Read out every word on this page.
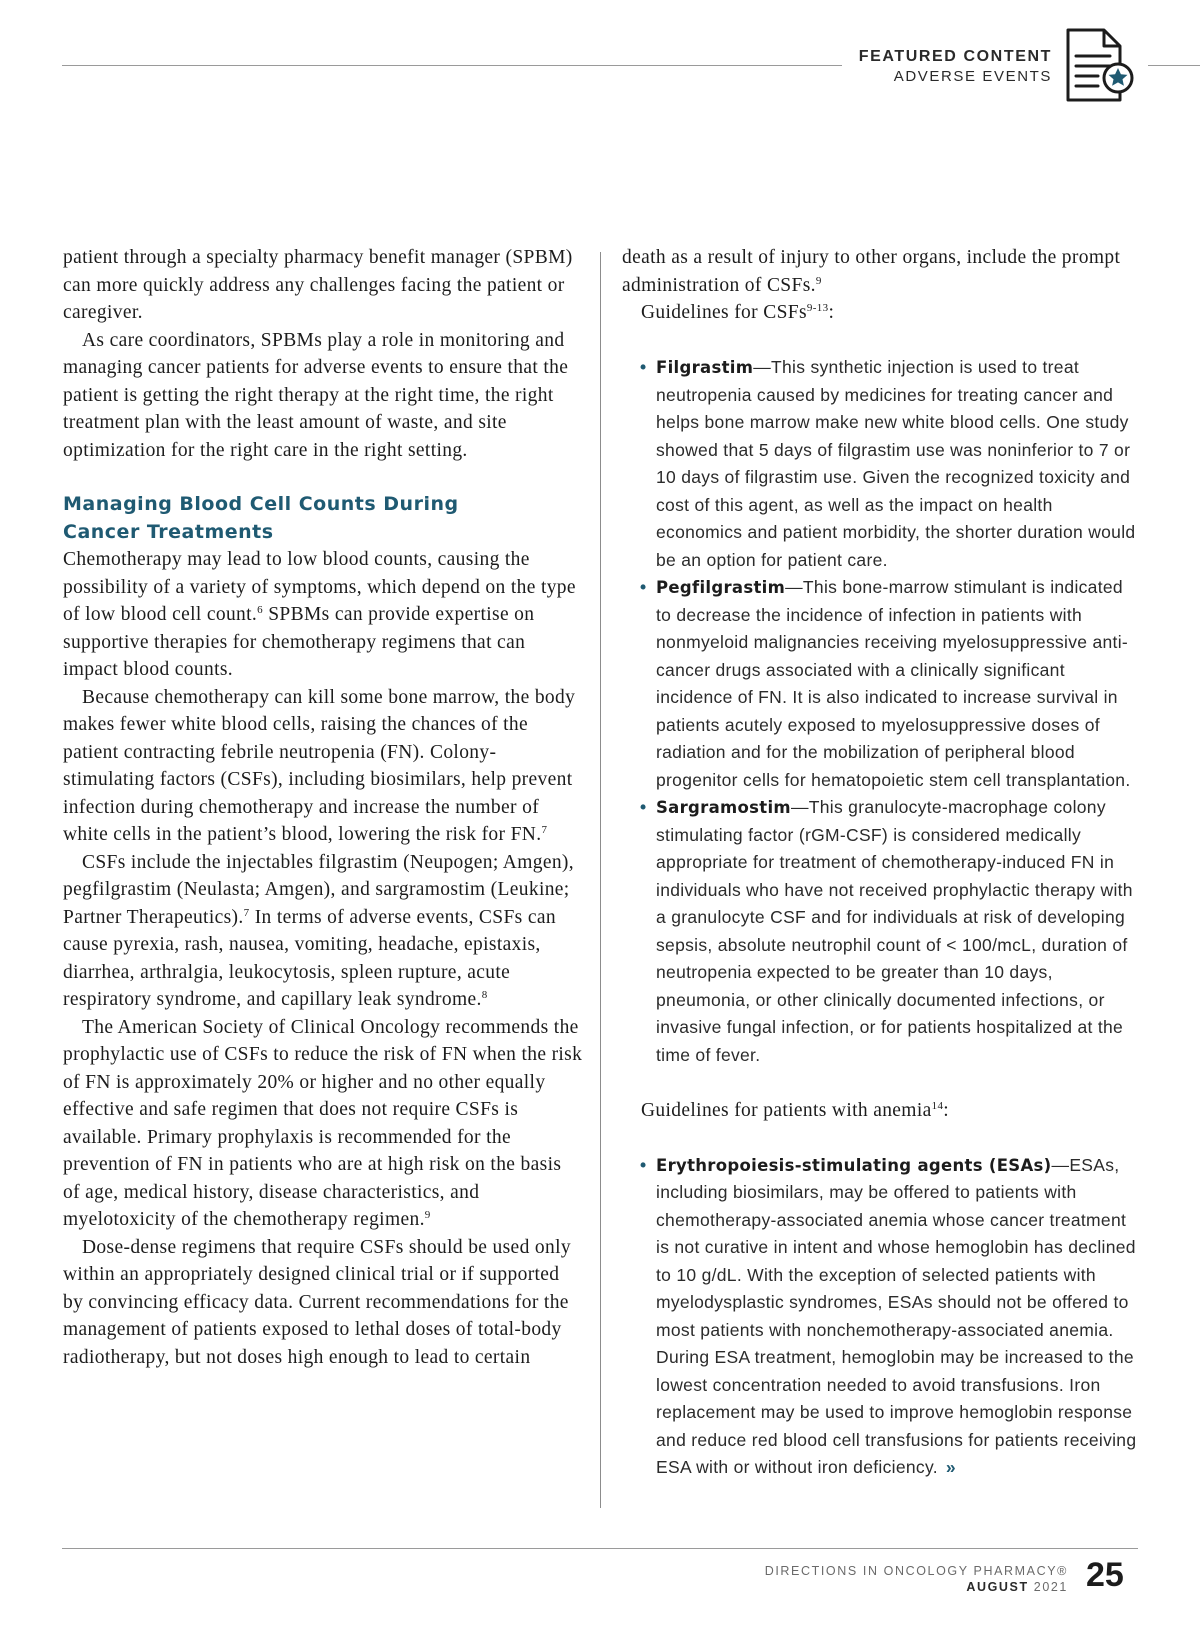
FEATURED CONTENT
ADVERSE EVENTS

patient through a specialty pharmacy benefit manager (SPBM) can more quickly address any challenges facing the patient or caregiver.

As care coordinators, SPBMs play a role in monitoring and managing cancer patients for adverse events to ensure that the patient is getting the right therapy at the right time, the right treatment plan with the least amount of waste, and site optimization for the right care in the right setting.

Managing Blood Cell Counts During
Cancer Treatments

Chemotherapy may lead to low blood counts, causing the possibility of a variety of symptoms, which depend on the type of low blood cell count.$^6$ SPBMs can provide expertise on supportive therapies for chemotherapy regimens that can impact blood counts.

Because chemotherapy can kill some bone marrow, the body makes fewer white blood cells, raising the chances of the patient contracting febrile neutropenia (FN). Colony-stimulating factors (CSFs), including biosimilars, help prevent infection during chemotherapy and increase the number of white cells in the patient’s blood, lowering the risk for FN.$^7$

CSFs include the injectables filgrastim (Neupogen; Amgen), pegfilgrastim (Neulasta; Amgen), and sargramostim (Leukine; Partner Therapeutics).$^7$ In terms of adverse events, CSFs can cause pyrexia, rash, nausea, vomiting, headache, epistaxis, diarrhea, arthralgia, leukocytosis, spleen rupture, acute respiratory syndrome, and capillary leak syndrome.$^8$

The American Society of Clinical Oncology recommends the prophylactic use of CSFs to reduce the risk of FN when the risk of FN is approximately 20% or higher and no other equally effective and safe regimen that does not require CSFs is available. Primary prophylaxis is recommended for the prevention of FN in patients who are at high risk on the basis of age, medical history, disease characteristics, and myelotoxicity of the chemotherapy regimen.$^9$

Dose-dense regimens that require CSFs should be used only within an appropriately designed clinical trial or if supported by convincing efficacy data. Current recommendations for the management of patients exposed to lethal doses of total-body radiotherapy, but not doses high enough to lead to certain

death as a result of injury to other organs, include the prompt administration of CSFs.$^9$

Guidelines for CSFs$^{9-13}$:

• Filgrastim—This synthetic injection is used to treat neutropenia caused by medicines for treating cancer and helps bone marrow make new white blood cells. One study showed that 5 days of filgrastim use was noninferior to 7 or 10 days of filgrastim use. Given the recognized toxicity and cost of this agent, as well as the impact on health economics and patient morbidity, the shorter duration would be an option for patient care.
• Pegfilgrastim—This bone-marrow stimulant is indicated to decrease the incidence of infection in patients with nonmyeloid malignancies receiving myelosuppressive anti-cancer drugs associated with a clinically significant incidence of FN. It is also indicated to increase survival in patients acutely exposed to myelosuppressive doses of radiation and for the mobilization of peripheral blood progenitor cells for hematopoietic stem cell transplantation.
• Sargramostim—This granulocyte-macrophage colony stimulating factor (rGM-CSF) is considered medically appropriate for treatment of chemotherapy-induced FN in individuals who have not received prophylactic therapy with a granulocyte CSF and for individuals at risk of developing sepsis, absolute neutrophil count of < 100/mcL, duration of neutropenia expected to be greater than 10 days, pneumonia, or other clinically documented infections, or invasive fungal infection, or for patients hospitalized at the time of fever.

Guidelines for patients with anemia$^{14}$:

• Erythropoiesis-stimulating agents (ESAs)—ESAs, including biosimilars, may be offered to patients with chemotherapy-associated anemia whose cancer treatment is not curative in intent and whose hemoglobin has declined to 10 g/dL. With the exception of selected patients with myelodysplastic syndromes, ESAs should not be offered to most patients with nonchemotherapy-associated anemia. During ESA treatment, hemoglobin may be increased to the lowest concentration needed to avoid transfusions. Iron replacement may be used to improve hemoglobin response and reduce red blood cell transfusions for patients receiving ESA with or without iron deficiency. »
DIRECTIONS IN ONCOLOGY PHARMACY®
AUGUST 2021 25
